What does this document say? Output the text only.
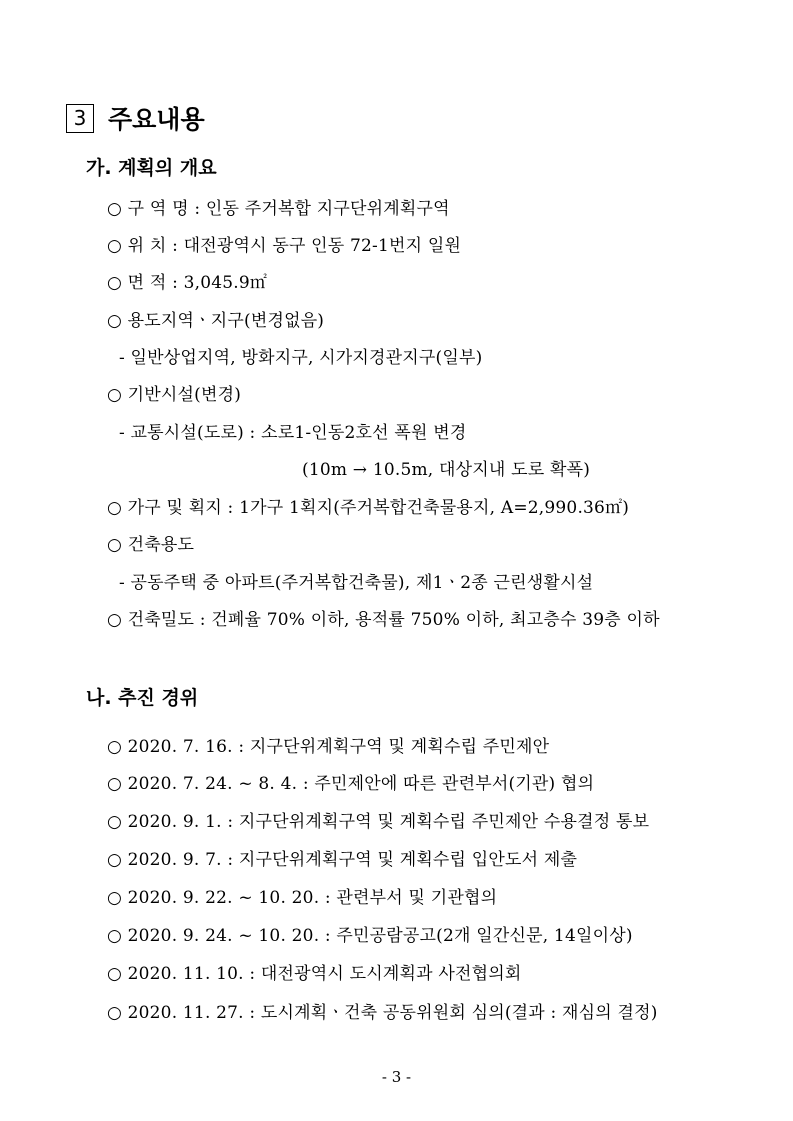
3 주요내용
가. 계획의 개요
○ 구 역 명 : 인동 주거복합 지구단위계획구역
○ 위 치 : 대전광역시 동구 인동 72-1번지 일원
○ 면 적 : 3,045.9㎡
○ 용도지역ㆍ지구(변경없음)
- 일반상업지역, 방화지구, 시가지경관지구(일부)
○ 기반시설(변경)
- 교통시설(도로) : 소로1-인동2호선 폭원 변경
(10m → 10.5m, 대상지내 도로 확폭)
○ 가구 및 획지 : 1가구 1획지(주거복합건축물용지, A=2,990.36㎡)
○ 건축용도
- 공동주택 중 아파트(주거복합건축물), 제1ㆍ2종 근린생활시설
○ 건축밀도 : 건폐율 70% 이하, 용적률 750% 이하, 최고층수 39층 이하
나. 추진 경위
○ 2020. 7. 16. : 지구단위계획구역 및 계획수립 주민제안
○ 2020. 7. 24. ~ 8. 4. : 주민제안에 따른 관련부서(기관) 협의
○ 2020. 9. 1. : 지구단위계획구역 및 계획수립 주민제안 수용결정 통보
○ 2020. 9. 7. : 지구단위계획구역 및 계획수립 입안도서 제출
○ 2020. 9. 22. ~ 10. 20. : 관련부서 및 기관협의
○ 2020. 9. 24. ~ 10. 20. : 주민공람공고(2개 일간신문, 14일이상)
○ 2020. 11. 10. : 대전광역시 도시계획과 사전협의회
○ 2020. 11. 27. : 도시계획ㆍ건축 공동위원회 심의(결과 : 재심의 결정)
- 3 -
